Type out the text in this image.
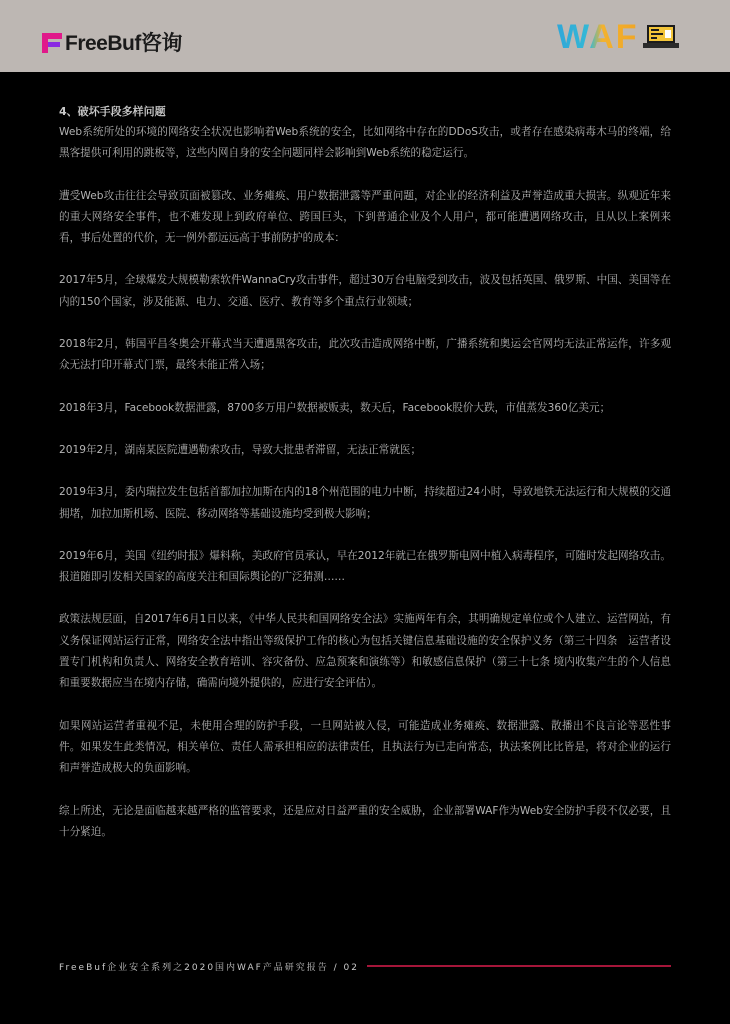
FreeBuf咨询	WAF

4、破坏手段多样问题

Web系统所处的环境的网络安全状况也影响着Web系统的安全，比如网络中存在的DDoS攻击，或者存在感染病毒木马的终端，给黑客提供可利用的跳板等，这些内网自身的安全问题同样会影响到Web系统的稳定运行。

遭受Web攻击往往会导致页面被篡改、业务瘫痪、用户数据泄露等严重问题，对企业的经济利益及声誉造成重大损害。纵观近年来的重大网络安全事件，也不难发现上到政府单位、跨国巨头，下到普通企业及个人用户，都可能遭遇网络攻击，且从以上案例来看，事后处置的代价，无一例外都远远高于事前防护的成本：

2017年5月，全球爆发大规模勒索软件WannaCry攻击事件，超过30万台电脑受到攻击，波及包括英国、俄罗斯、中国、美国等在内的150个国家，涉及能源、电力、交通、医疗、教育等多个重点行业领域；

2018年2月，韩国平昌冬奥会开幕式当天遭遇黑客攻击，此次攻击造成网络中断，广播系统和奥运会官网均无法正常运作，许多观众无法打印开幕式门票，最终未能正常入场；

2018年3月，Facebook数据泄露，8700多万用户数据被贩卖，数天后，Facebook股价大跌，市值蒸发360亿美元；

2019年2月，湖南某医院遭遇勒索攻击，导致大批患者滞留，无法正常就医；

2019年3月，委内瑞拉发生包括首都加拉加斯在内的18个州范围的电力中断，持续超过24小时，导致地铁无法运行和大规模的交通拥堵，加拉加斯机场、医院、移动网络等基础设施均受到极大影响；

2019年6月，美国《纽约时报》爆料称，美政府官员承认，早在2012年就已在俄罗斯电网中植入病毒程序，可随时发起网络攻击。报道随即引发相关国家的高度关注和国际舆论的广泛猜测……

政策法规层面，自2017年6月1日以来，《中华人民共和国网络安全法》实施两年有余，其明确规定单位或个人建立、运营网站，有义务保证网站运行正常，网络安全法中指出等级保护工作的核心为包括关键信息基础设施的安全保护义务（第三十四条　运营者设置专门机构和负责人、网络安全教育培训、容灾备份、应急预案和演练等）和敏感信息保护（第三十七条 境内收集产生的个人信息和重要数据应当在境内存储，确需向境外提供的，应进行安全评估）。

如果网站运营者重视不足，未使用合理的防护手段，一旦网站被入侵，可能造成业务瘫痪、数据泄露、散播出不良言论等恶性事件。如果发生此类情况，相关单位、责任人需承担相应的法律责任，且执法行为已走向常态，执法案例比比皆是，将对企业的运行和声誉造成极大的负面影响。

综上所述，无论是面临越来越严格的监管要求，还是应对日益严重的安全威胁，企业部署WAF作为Web安全防护手段不仅必要，且十分紧迫。

FreeBuf企业安全系列之2020国内WAF产品研究报告 / 02
